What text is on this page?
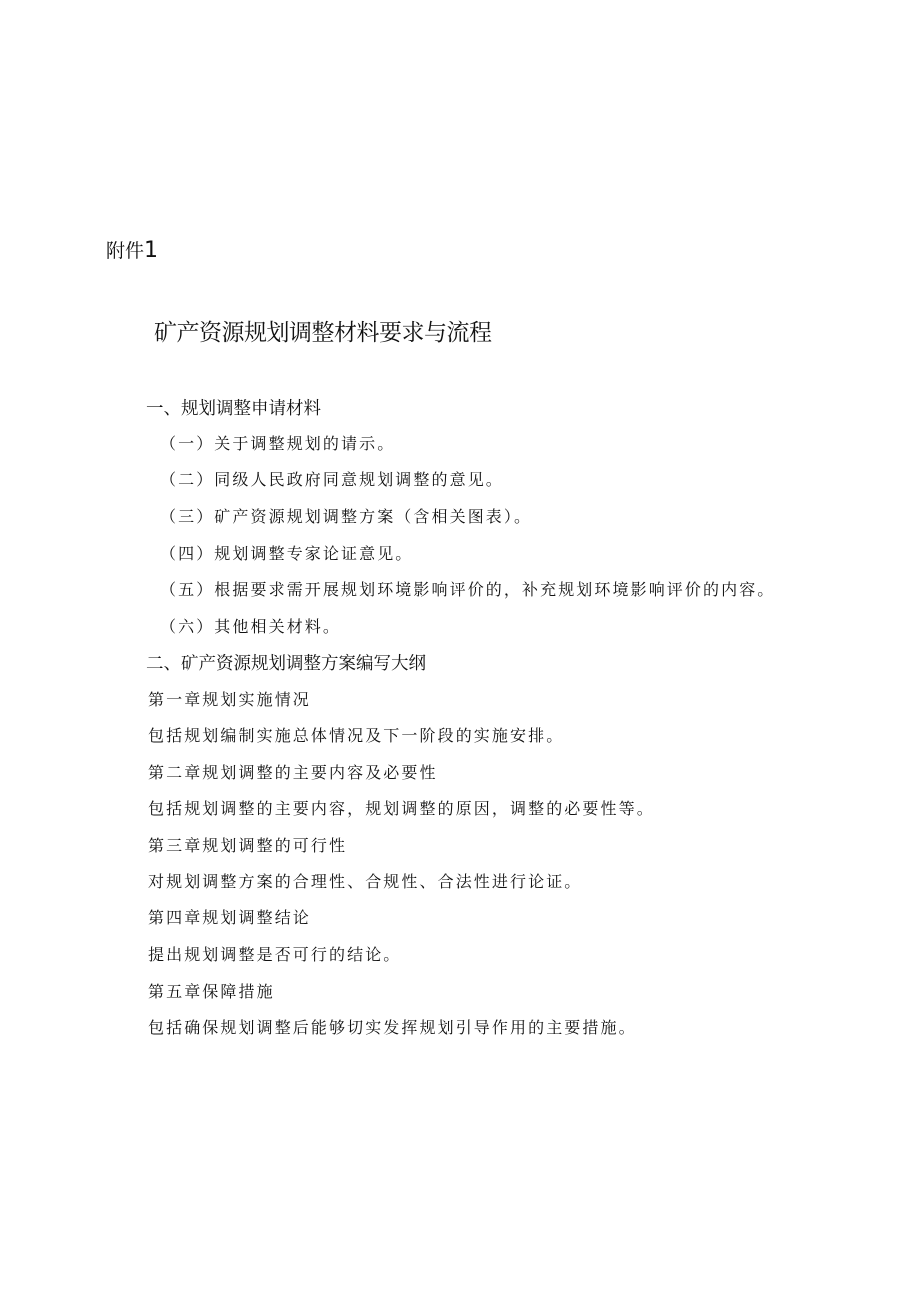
附件1

矿产资源规划调整材料要求与流程
一、规划调整申请材料

（一）关于调整规划的请示。

（二）同级人民政府同意规划调整的意见。

（三）矿产资源规划调整方案（含相关图表）。

（四）规划调整专家论证意见。

（五）根据要求需开展规划环境影响评价的，补充规划环境影响评价的内容。

（六）其他相关材料。

二、矿产资源规划调整方案编写大纲

第一章规划实施情况

包括规划编制实施总体情况及下一阶段的实施安排。

第二章规划调整的主要内容及必要性

包括规划调整的主要内容，规划调整的原因，调整的必要性等。

第三章规划调整的可行性

对规划调整方案的合理性、合规性、合法性进行论证。

第四章规划调整结论

提出规划调整是否可行的结论。

第五章保障措施

包括确保规划调整后能够切实发挥规划引导作用的主要措施。
